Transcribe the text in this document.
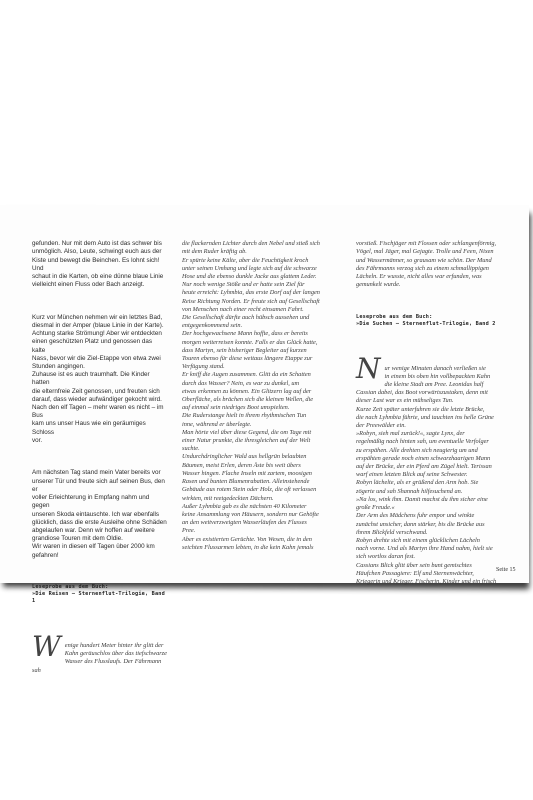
gefunden. Nur mit dem Auto ist das schwer bis
unmöglich. Also, Leute, schwingt euch aus der
Kiste und bewegt die Beinchen. Es lohnt sich! Und
schaut in die Karten, ob eine dünne blaue Linie
vielleicht einen Fluss oder Bach anzeigt.

Kurz vor München nehmen wir ein letztes Bad,
diesmal in der Amper (blaue Linie in der Karte).
Achtung starke Strömung! Aber wir entdeckten
einen geschützten Platz und genossen das kalte
Nass, bevor wir die Ziel-Etappe von etwa zwei
Stunden angingen.
Zuhause ist es auch traumhaft. Die Kinder hatten
die elternfreie Zeit genossen, und freuten sich
darauf, dass wieder aufwändiger gekocht wird.
Nach den elf Tagen – mehr waren es nicht – im Bus
kam uns unser Haus wie ein geräumiges Schloss
vor.

Am nächsten Tag stand mein Vater bereits vor
unserer Tür und freute sich auf seinen Bus, den er
voller Erleichterung in Empfang nahm und gegen
unseren Skoda eintauschte. Ich war ebenfalls
glücklich, dass die erste Ausleihe ohne Schäden
abgelaufen war. Denn wir hoffen auf weitere
grandiose Touren mit dem Oldie.
Wir waren in diesen elf Tagen über 2000 km
gefahren!

Leseprobe aus dem Buch:
»Die Reisen – Sternenflut-Trilogie, Band 1

W enige hundert Meter hinter ihr glitt der
Kahn geräuschlos über das tiefschwarze
Wasser des Flusslaufs. Der Fährmann sah

die flackernden Lichter durch den Nebel und stieß sich
mit dem Ruder kräftig ab.
Er spürte keine Kälte, aber die Feuchtigkeit kroch
unter seinen Umhang und legte sich auf die schwarze
Hose und die ebenso dunkle Jacke aus glattem Leder.
Nur noch wenige Stöße und er hatte sein Ziel für
heute erreicht: Lyhmbia, das erste Dorf auf der langen
Reise Richtung Norden. Er freute sich auf Gesellschaft
von Menschen nach einer recht einsamen Fahrt.
Die Gesellschaft dürfte auch hübsch aussehen und
entgegenkommend sein.
Der hochgewachsene Mann hoffte, dass er bereits
morgen weiterreisen konnte. Falls er das Glück hatte,
dass Martyn, sein bisheriger Begleiter auf kurzen
Touren ebenso für diese weitaus längere Etappe zur
Verfügung stand.
Er kniff die Augen zusammen. Glitt da ein Schatten
durch das Wasser? Nein, es war zu dunkel, um
etwas erkennen zu können. Ein Glitzern lag auf der
Oberfläche, als brächen sich die kleinen Wellen, die
auf einmal sein niedriges Boot umspielten.
Die Ruderstange hielt in ihrem rhythmischen Tun
inne, während er überlegte.
Man hörte viel über diese Gegend, die om Tage mit
einer Natur prunkte, die ihresgleichen auf der Welt
suchte.
Undurchdringlicher Wald aus hellgrün belaubten
Bäumen, meist Erlen, deren Äste bis weit übers
Wasser hingen. Flache Inseln mit zartem, moosigen
Rasen und bunten Blumenrabatten. Alleinstehende
Gebäude aus rotem Stein oder Holz, die oft verlassen
wirkten, mit reetgedeckten Dächern.
Außer Lyhmbia gab es die nächsten 40 Kilometer
keine Ansammlung von Häusern, sondern nur Gehöfte
an den weitverzweigten Wasserläufen des Flusses
Pree.
Aber es existierten Gerüchte. Von Wesen, die in den
seichten Flussarmen lebten, in die kein Kahn jemals

vorstieß. Fischjäger mit Flossen oder schlangenförmig,
Vögel, mal Jäger, mal Gejagte. Trolle und Feen, Nixen
und Wassermänner, so grausam wie schön. Der Mund
des Fährmanns verzog sich zu einem schmallippigen
Lächeln. Er wusste, nicht alles war erfunden, was
gemunkelt wurde.

Leseprobe aus dem Buch:
»Die Suchen – Sternenflut-Trilogie, Band 2

N ur wenige Minuten danach verließen sie
in einem bis oben hin vollbepackten Kahn
die kleine Stadt am Pree. Leonidas half
Cassian dabei, das Boot vorwärtszustaken, denn mit
dieser Last war es ein mühseliges Tun.
Kurze Zeit später unterfuhren sie die letzte Brücke,
die nach Lyhmbia führte, und tauchten ins helle Grüne
der Preewälder ein.
»Robyn, sieh mal zurück!«, sagte Lynx, der
regelmäßig nach hinten sah, um eventuelle Verfolger
zu erspähen. Alle drehten sich neugierig um und
erspähten gerade noch einen schwarzhaarigen Mann
auf der Brücke, der ein Pferd am Zügel hielt. Terissan
warf einen letzten Blick auf seine Schwester.
Robyn lächelte, als er grüßend den Arm hob. Sie
zögerte und sah Shannah hilfesuchend an.
»Na los, wink ihm. Damit machst du ihm sicher eine
große Freude.«
Der Arm des Mädchens fuhr empor und winkte
zunächst unsicher, dann stärker, bis die Brücke aus
ihrem Blickfeld verschwand.
Robyn drehte sich mit einem glücklichen Lächeln
nach vorne. Und als Martyn ihre Hand nahm, hielt sie
sich wortlos daran fest.
Cassians Blick glitt über sein bunt gemischtes
Häufchen Passagiere: Elf und Sternenwächter,
Kriegerin und Krieger, Fischerin, Kinder und ein frisch

Seite 15
